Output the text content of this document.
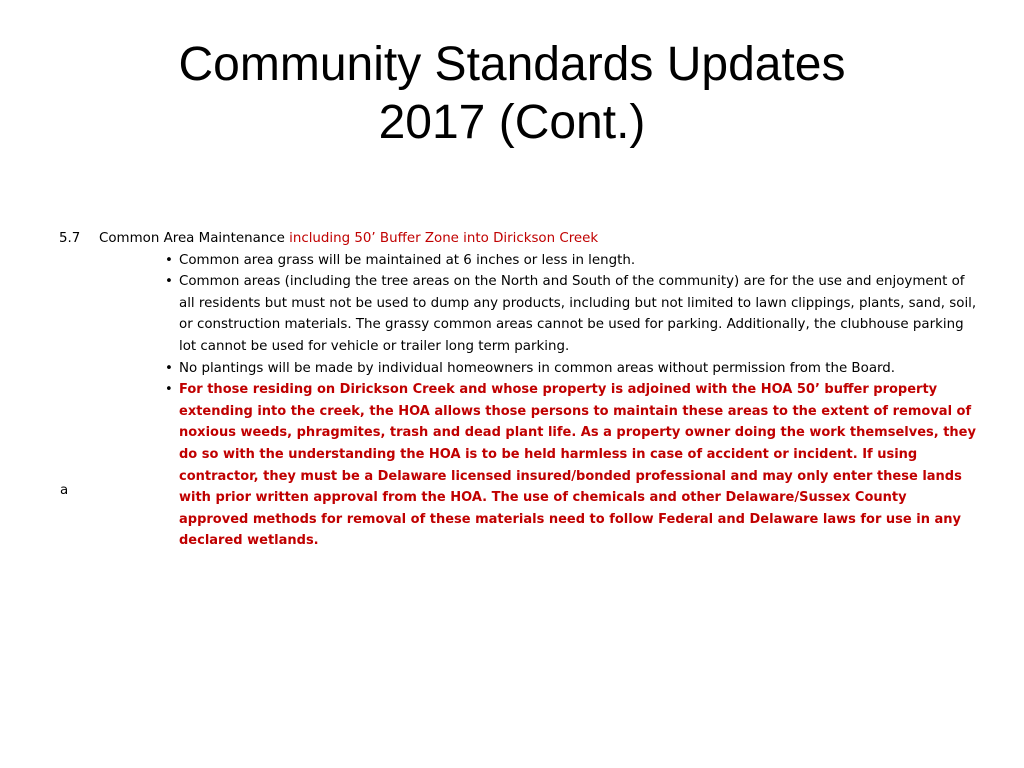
Community Standards Updates
2017 (Cont.)
5.7 Common Area Maintenance including 50’ Buffer Zone into Dirickson Creek
• Common area grass will be maintained at 6 inches or less in length.
• Common areas (including the tree areas on the North and South of the community) are for the use and enjoyment of all residents but must not be used to dump any products, including but not limited to lawn clippings, plants, sand, soil, or construction materials. The grassy common areas cannot be used for parking. Additionally, the clubhouse parking lot cannot be used for vehicle or trailer long term parking.
• No plantings will be made by individual homeowners in common areas without permission from the Board.
• For those residing on Dirickson Creek and whose property is adjoined with the HOA 50’ buffer property extending into the creek, the HOA allows those persons to maintain these areas to the extent of removal of noxious weeds, phragmites, trash and dead plant life. As a property owner doing the work themselves, they do so with the understanding the HOA is to be held harmless in case of accident or incident. If using contractor, they must be a Delaware licensed insured/bonded professional and may only enter these lands with prior written approval from the HOA. The use of chemicals and other Delaware/Sussex County approved methods for removal of these materials need to follow Federal and Delaware laws for use in any declared wetlands.
a
